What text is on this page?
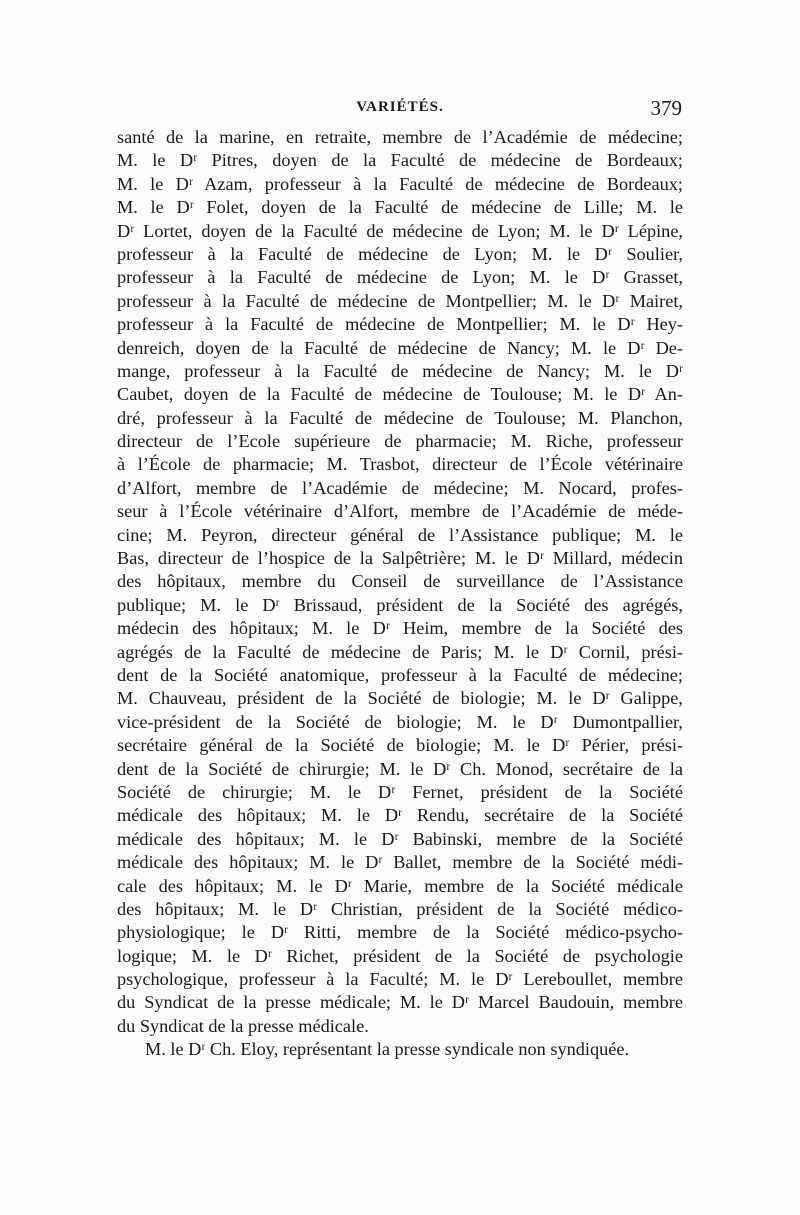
VARIÉTÉS.	379
santé de la marine, en retraite, membre de l’Académie de médecine;
M. le Dʳ Pitres, doyen de la Faculté de médecine de Bordeaux;
M. le Dʳ Azam, professeur à la Faculté de médecine de Bordeaux;
M. le Dʳ Folet, doyen de la Faculté de médecine de Lille; M. le
Dʳ Lortet, doyen de la Faculté de médecine de Lyon; M. le Dʳ Lépine,
professeur à la Faculté de médecine de Lyon; M. le Dʳ Soulier,
professeur à la Faculté de médecine de Lyon; M. le Dʳ Grasset,
professeur à la Faculté de médecine de Montpellier; M. le Dʳ Mairet,
professeur à la Faculté de médecine de Montpellier; M. le Dʳ Hey-
denreich, doyen de la Faculté de médecine de Nancy; M. le Dʳ De-
mange, professeur à la Faculté de médecine de Nancy; M. le Dʳ
Caubet, doyen de la Faculté de médecine de Toulouse; M. le Dʳ An-
dré, professeur à la Faculté de médecine de Toulouse; M. Planchon,
directeur de l’Ecole supérieure de pharmacie; M. Riche, professeur
à l’École de pharmacie; M. Trasbot, directeur de l’École vétérinaire
d’Alfort, membre de l’Académie de médecine; M. Nocard, profes-
seur à l’École vétérinaire d’Alfort, membre de l’Académie de méde-
cine; M. Peyron, directeur général de l’Assistance publique; M. le
Bas, directeur de l’hospice de la Salpêtrière; M. le Dʳ Millard, médecin
des hôpitaux, membre du Conseil de surveillance de l’Assistance
publique; M. le Dʳ Brissaud, président de la Société des agrégés,
médecin des hôpitaux; M. le Dʳ Heim, membre de la Société des
agrégés de la Faculté de médecine de Paris; M. le Dʳ Cornil, prési-
dent de la Société anatomique, professeur à la Faculté de médecine;
M. Chauveau, président de la Société de biologie; M. le Dʳ Galippe,
vice-président de la Société de biologie; M. le Dʳ Dumontpallier,
secrétaire général de la Société de biologie; M. le Dʳ Périer, prési-
dent de la Société de chirurgie; M. le Dʳ Ch. Monod, secrétaire de la
Société de chirurgie; M. le Dʳ Fernet, président de la Société
médicale des hôpitaux; M. le Dʳ Rendu, secrétaire de la Société
médicale des hôpitaux; M. le Dʳ Babinski, membre de la Société
médicale des hôpitaux; M. le Dʳ Ballet, membre de la Société médi-
cale des hôpitaux; M. le Dʳ Marie, membre de la Société médicale
des hôpitaux; M. le Dʳ Christian, président de la Société médico-
physiologique; le Dʳ Ritti, membre de la Société médico-psycho-
logique; M. le Dʳ Richet, président de la Société de psychologie
psychologique, professeur à la Faculté; M. le Dʳ Lereboullet, membre
du Syndicat de la presse médicale; M. le Dʳ Marcel Baudouin, membre
du Syndicat de la presse médicale.
M. le Dʳ Ch. Eloy, représentant la presse syndicale non syndiquée.
